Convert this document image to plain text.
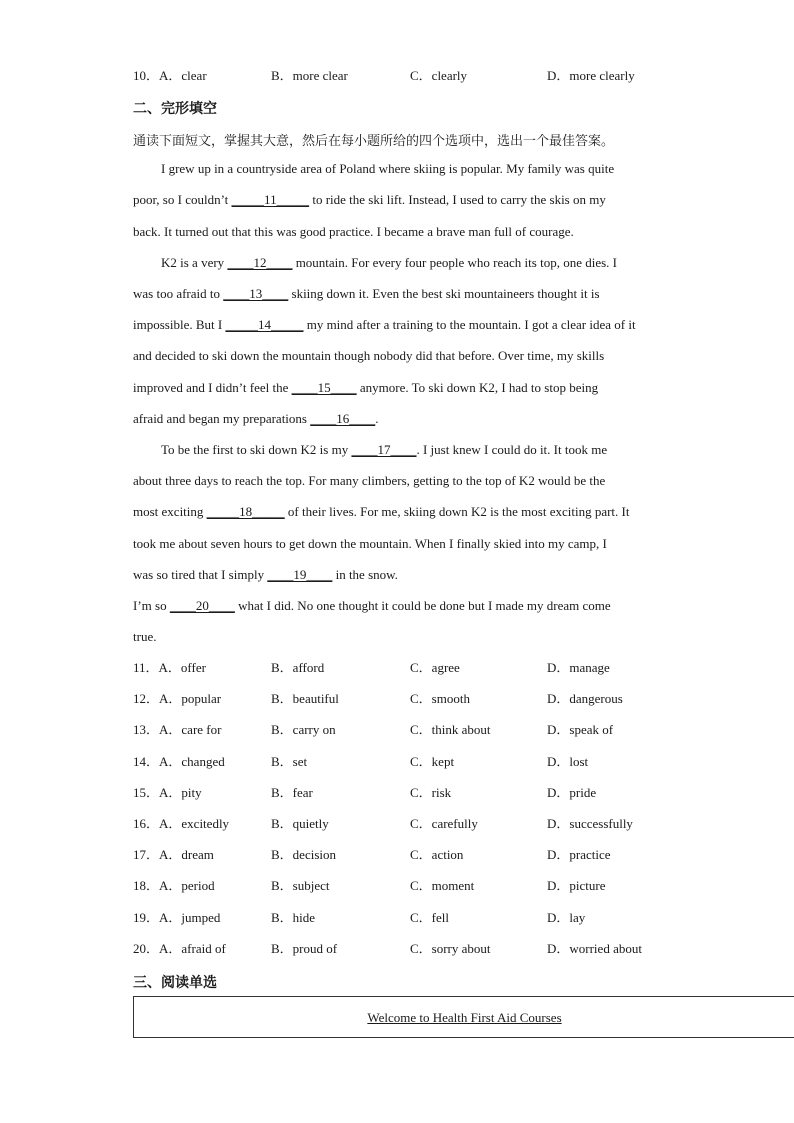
10．A．clear	B．more clear	C．clearly	D．more clearly
二、完形填空
通读下面短文，掌握其大意，然后在每小题所给的四个选项中，选出一个最佳答案。
I grew up in a countryside area of Poland where skiing is popular. My family was quite
poor, so I couldn’t _____11_____ to ride the ski lift. Instead, I used to carry the skis on my
back. It turned out that this was good practice. I became a brave man full of courage.
K2 is a very ____12____ mountain. For every four people who reach its top, one dies. I
was too afraid to ____13____ skiing down it. Even the best ski mountaineers thought it is
impossible. But I _____14_____ my mind after a training to the mountain. I got a clear idea of it
and decided to ski down the mountain though nobody did that before. Over time, my skills
improved and I didn’t feel the ____15____ anymore. To ski down K2, I had to stop being
afraid and began my preparations ____16____.
To be the first to ski down K2 is my ____17____. I just knew I could do it. It took me
about three days to reach the top. For many climbers, getting to the top of K2 would be the
most exciting _____18_____ of their lives. For me, skiing down K2 is the most exciting part. It
took me about seven hours to get down the mountain. When I finally skied into my camp, I
was so tired that I simply ____19____ in the snow.
I’m so ____20____ what I did. No one thought it could be done but I made my dream come
true.
11．A．offer	B．afford	C．agree	D．manage
12．A．popular	B．beautiful	C．smooth	D．dangerous
13．A．care for	B．carry on	C．think about	D．speak of
14．A．changed	B．set	C．kept	D．lost
15．A．pity	B．fear	C．risk	D．pride
16．A．excitedly	B．quietly	C．carefully	D．successfully
17．A．dream	B．decision	C．action	D．practice
18．A．period	B．subject	C．moment	D．picture
19．A．jumped	B．hide	C．fell	D．lay
20．A．afraid of	B．proud of	C．sorry about	D．worried about
三、阅读单选
Welcome to Health First Aid Courses
